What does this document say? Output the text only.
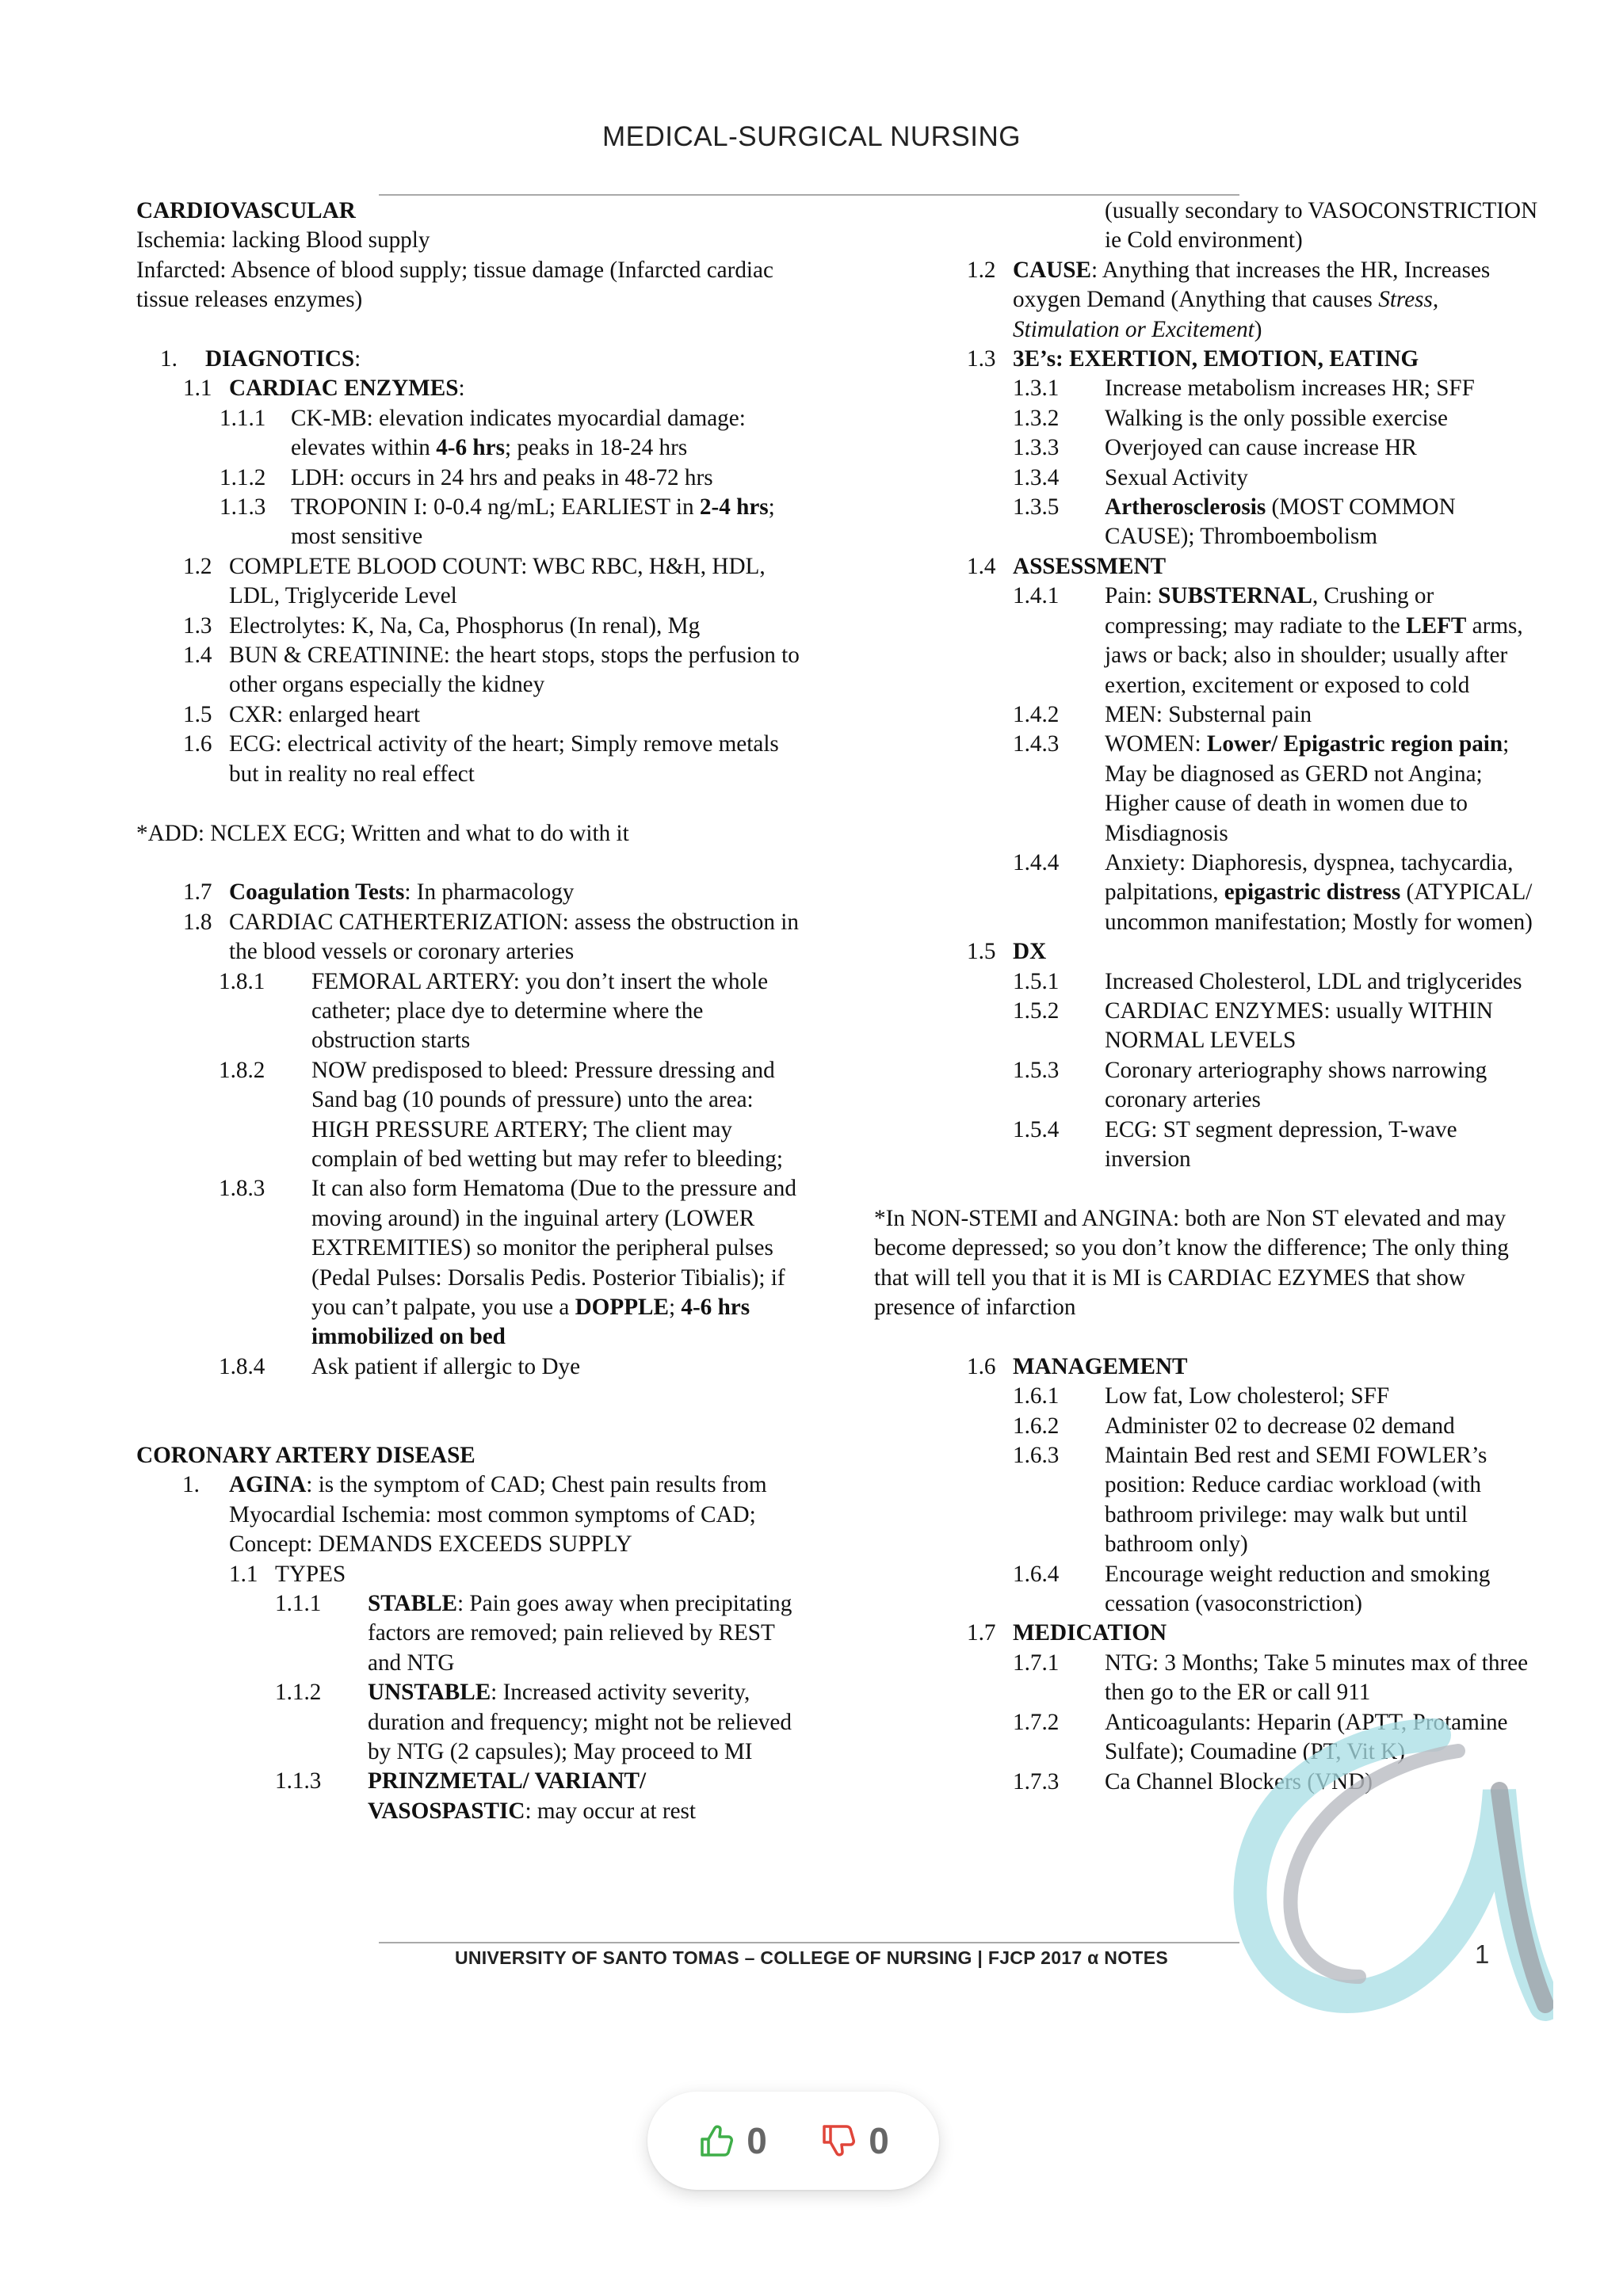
MEDICAL-SURGICAL NURSING

CARDIOVASCULAR

Ischemia: lacking Blood supply

Infarcted: Absence of blood supply; tissue damage (Infarcted cardiac tissue releases enzymes)

1.	DIAGNOTICS:
1.1 CARDIAC ENZYMES:
1.1.1	CK-MB: elevation indicates myocardial damage: elevates within 4-6 hrs; peaks in 18-24 hrs
1.1.2	LDH: occurs in 24 hrs and peaks in 48-72 hrs
1.1.3	TROPONIN I: 0-0.4 ng/mL; EARLIEST in 2-4 hrs; most sensitive
1.2 COMPLETE BLOOD COUNT: WBC RBC, H&H, HDL, LDL, Triglyceride Level
1.3 Electrolytes: K, Na, Ca, Phosphorus (In renal), Mg
1.4 BUN & CREATININE: the heart stops, stops the perfusion to other organs especially the kidney
1.5 CXR: enlarged heart
1.6 ECG: electrical activity of the heart; Simply remove metals but in reality no real effect

*ADD: NCLEX ECG; Written and what to do with it

1.7 Coagulation Tests: In pharmacology
1.8 CARDIAC CATHERTERIZATION: assess the obstruction in the blood vessels or coronary arteries
1.8.1	FEMORAL ARTERY: you don’t insert the whole catheter; place dye to determine where the obstruction starts
1.8.2	NOW predisposed to bleed: Pressure dressing and Sand bag (10 pounds of pressure) unto the area: HIGH PRESSURE ARTERY; The client may complain of bed wetting but may refer to bleeding;
1.8.3	It can also form Hematoma (Due to the pressure and moving around) in the inguinal artery (LOWER EXTREMITIES) so monitor the peripheral pulses (Pedal Pulses: Dorsalis Pedis. Posterior Tibialis); if you can’t palpate, you use a DOPPLE; 4-6 hrs immobilized on bed
1.8.4	Ask patient if allergic to Dye

CORONARY ARTERY DISEASE

1.	AGINA: is the symptom of CAD; Chest pain results from Myocardial Ischemia: most common symptoms of CAD; Concept: DEMANDS EXCEEDS SUPPLY
1.1 TYPES
1.1.1	STABLE: Pain goes away when precipitating factors are removed; pain relieved by REST and NTG
1.1.2	UNSTABLE: Increased activity severity, duration and frequency; might not be relieved by NTG (2 capsules); May proceed to MI
1.1.3	PRINZMETAL/ VARIANT/ VASOSPASTIC: may occur at rest
(usually secondary to VASOCONSTRICTION ie Cold environment)
1.2 CAUSE: Anything that increases the HR, Increases oxygen Demand (Anything that causes Stress, Stimulation or Excitement)
1.3 3E’s: EXERTION, EMOTION, EATING
1.3.1	Increase metabolism increases HR; SFF
1.3.2	Walking is the only possible exercise
1.3.3	Overjoyed can cause increase HR
1.3.4	Sexual Activity
1.3.5	Artherosclerosis (MOST COMMON CAUSE); Thromboembolism
1.4 ASSESSMENT
1.4.1	Pain: SUBSTERNAL, Crushing or compressing; may radiate to the LEFT arms, jaws or back; also in shoulder; usually after exertion, excitement or exposed to cold
1.4.2	MEN: Substernal pain
1.4.3	WOMEN: Lower/ Epigastric region pain; May be diagnosed as GERD not Angina; Higher cause of death in women due to Misdiagnosis
1.4.4	Anxiety: Diaphoresis, dyspnea, tachycardia, palpitations, epigastric distress (ATYPICAL/ uncommon manifestation; Mostly for women)
1.5 DX
1.5.1	Increased Cholesterol, LDL and triglycerides
1.5.2	CARDIAC ENZYMES: usually WITHIN NORMAL LEVELS
1.5.3	Coronary arteriography shows narrowing coronary arteries
1.5.4	ECG: ST segment depression, T-wave inversion

*In NON-STEMI and ANGINA: both are Non ST elevated and may become depressed; so you don’t know the difference; The only thing that will tell you that it is MI is CARDIAC EZYMES that show presence of infarction

1.6 MANAGEMENT
1.6.1	Low fat, Low cholesterol; SFF
1.6.2	Administer 02 to decrease 02 demand
1.6.3	Maintain Bed rest and SEMI FOWLER’s position: Reduce cardiac workload (with bathroom privilege: may walk but until bathroom only)
1.6.4	Encourage weight reduction and smoking cessation (vasoconstriction)
1.7 MEDICATION
1.7.1	NTG: 3 Months; Take 5 minutes max of three then go to the ER or call 911
1.7.2	Anticoagulants: Heparin (APTT, Protamine Sulfate); Coumadine (PT, Vit K)
1.7.3	Ca Channel Blockers (VND)
UNIVERSITY OF SANTO TOMAS – COLLEGE OF NURSING | FJCP 2017 α NOTES	1
0	0
